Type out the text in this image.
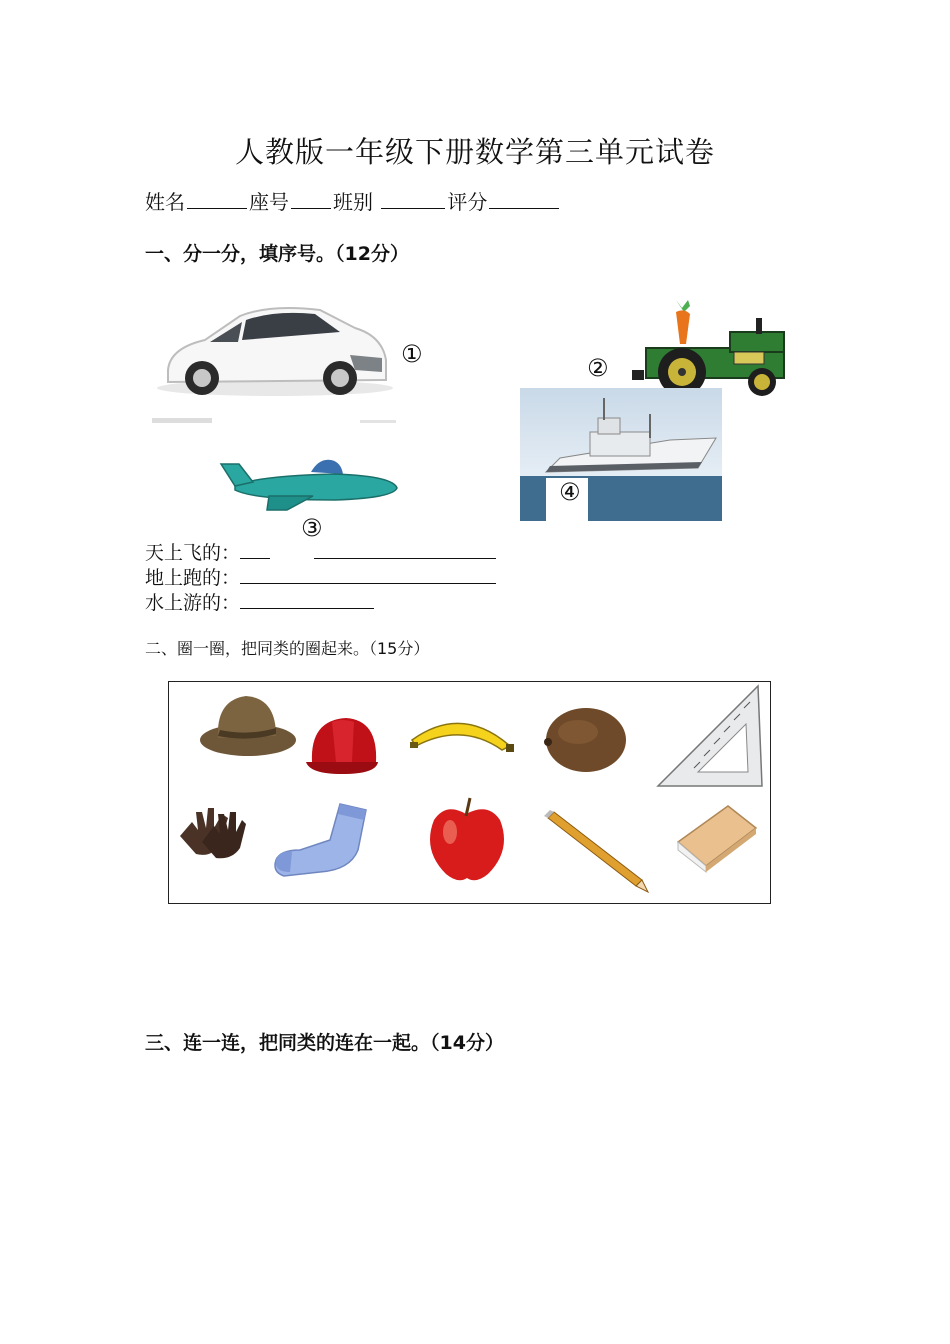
人教版一年级下册数学第三单元试卷
姓名	座号 班别	评分
一、分一分，填序号。（12分）
①	②
④
③
天上飞的：
地上跑的：
水上游的：
二、圈一圈，把同类的圈起来。（15分）
三、连一连，把同类的连在一起。（14分）
